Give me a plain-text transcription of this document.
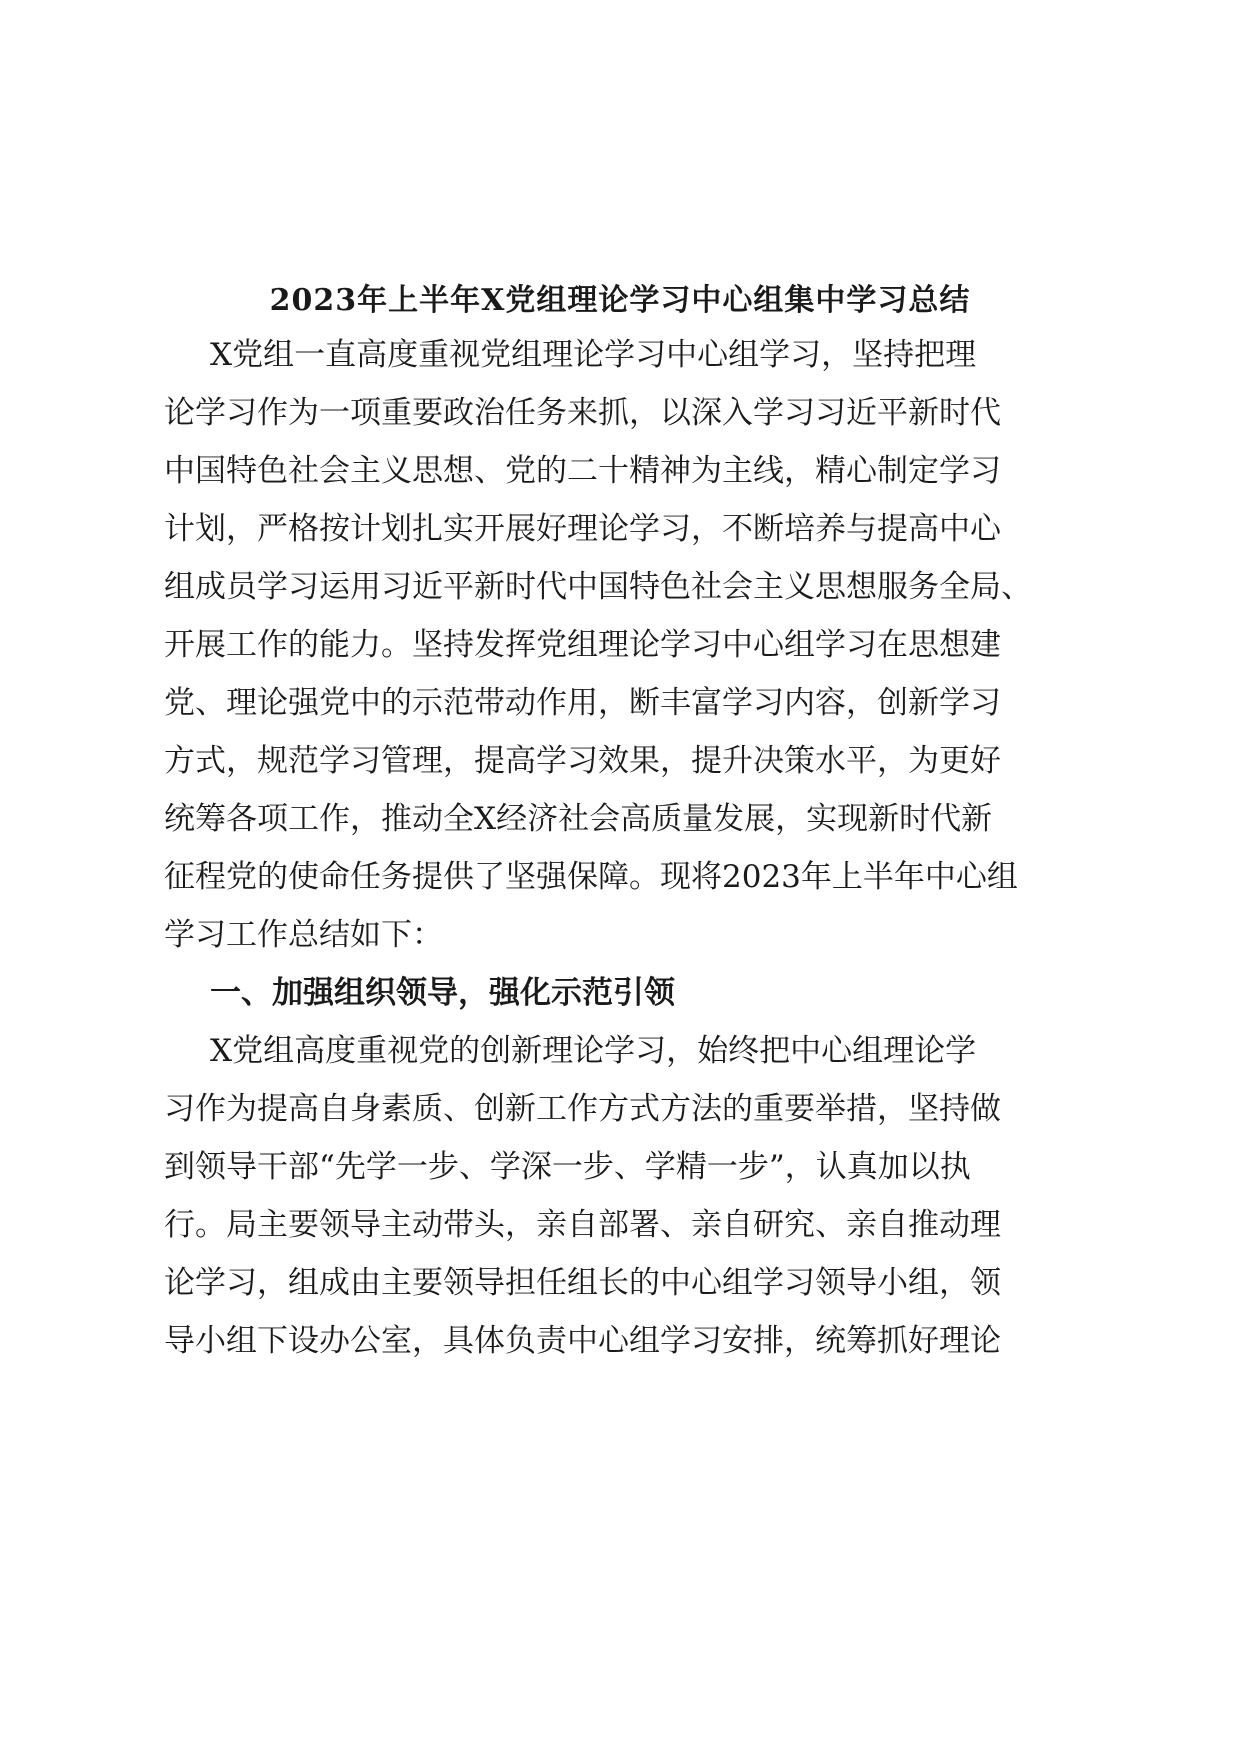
2023年上半年X党组理论学习中心组集中学习总结
X党组一直高度重视党组理论学习中心组学习，坚持把理
论学习作为一项重要政治任务来抓，以深入学习习近平新时代
中国特色社会主义思想、党的二十精神为主线，精心制定学习
计划，严格按计划扎实开展好理论学习，不断培养与提高中心
组成员学习运用习近平新时代中国特色社会主义思想服务全局、
开展工作的能力。坚持发挥党组理论学习中心组学习在思想建
党、理论强党中的示范带动作用，断丰富学习内容，创新学习
方式，规范学习管理，提高学习效果，提升决策水平，为更好
统筹各项工作，推动全X经济社会高质量发展，实现新时代新
征程党的使命任务提供了坚强保障。现将2023年上半年中心组
学习工作总结如下：
一、加强组织领导，强化示范引领
X党组高度重视党的创新理论学习，始终把中心组理论学
习作为提高自身素质、创新工作方式方法的重要举措，坚持做
到领导干部“先学一步、学深一步、学精一步”，认真加以执
行。局主要领导主动带头，亲自部署、亲自研究、亲自推动理
论学习，组成由主要领导担任组长的中心组学习领导小组，领
导小组下设办公室，具体负责中心组学习安排，统筹抓好理论
